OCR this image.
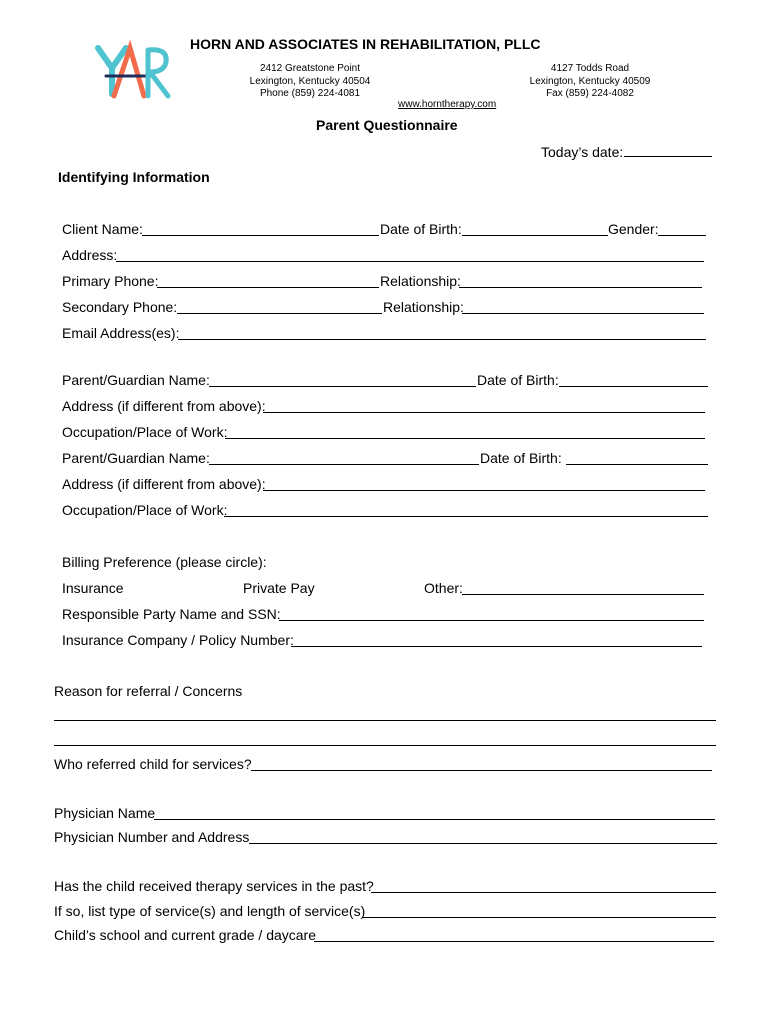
HORN AND ASSOCIATES IN REHABILITATION, PLLC
2412 Greatstone Point
Lexington, Kentucky 40504
Phone (859) 224-4081
4127 Todds Road
Lexington, Kentucky 40509
Fax (859) 224-4082
www.horntherapy.com
Parent Questionnaire
Today’s date:
Identifying Information
Client Name:	Date of Birth:	Gender:
Address:
Primary Phone:	Relationship:
Secondary Phone:	Relationship:
Email Address(es):
Parent/Guardian Name:	Date of Birth:
Address (if different from above):
Occupation/Place of Work:
Parent/Guardian Name:	Date of Birth:
Address (if different from above):
Occupation/Place of Work:
Billing Preference (please circle):
Insurance	Private Pay	Other:
Responsible Party Name and SSN:
Insurance Company / Policy Number:
Reason for referral / Concerns
Who referred child for services?
Physician Name
Physician Number and Address
Has the child received therapy services in the past?
If so, list type of service(s) and length of service(s)
Child’s school and current grade / daycare
